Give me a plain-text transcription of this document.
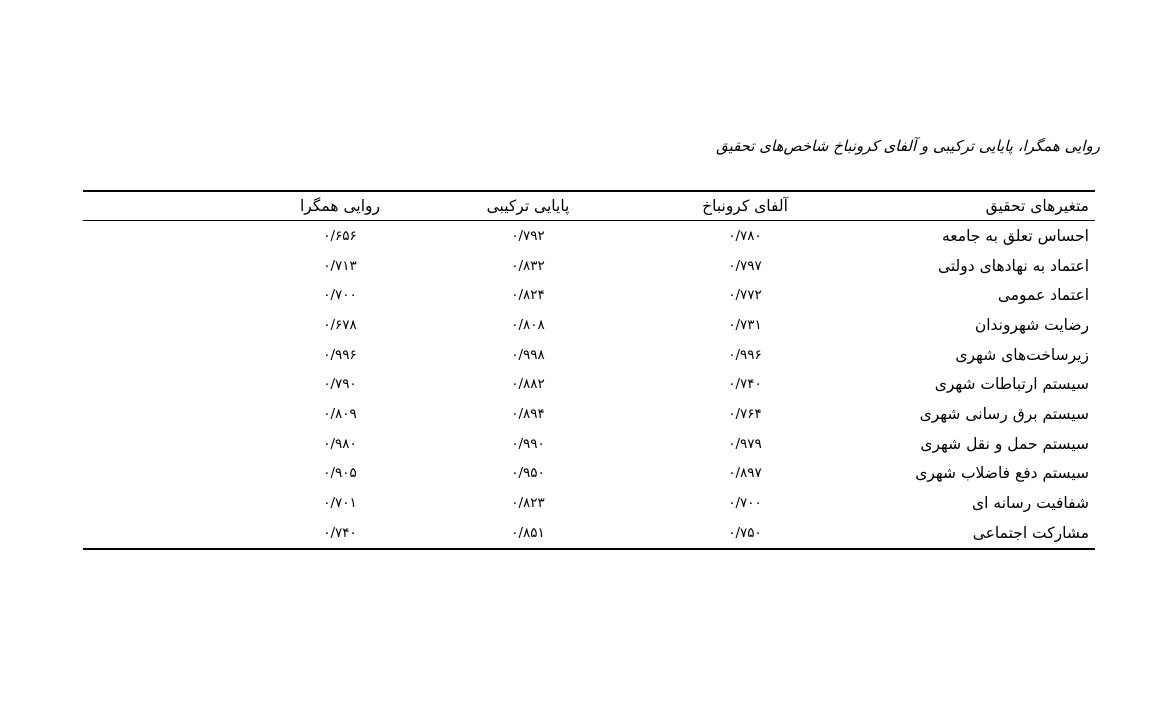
روایی همگرا، پایایی ترکیبی و آلفای کرونباخ شاخص‌های تحقیق
متغیرهای تحقیق	آلفای کرونباخ	پایایی ترکیبی	روایی همگرا	
احساس تعلق به جامعه	۰/۷۸۰	۰/۷۹۲	۰/۶۵۶	
اعتماد به نهادهای دولتی	۰/۷۹۷	۰/۸۳۲	۰/۷۱۳	
اعتماد عمومی	۰/۷۷۲	۰/۸۲۴	۰/۷۰۰	
رضایت شهروندان	۰/۷۳۱	۰/۸۰۸	۰/۶۷۸	
زیرساخت‌های شهری	۰/۹۹۶	۰/۹۹۸	۰/۹۹۶	
سیستم ارتباطات شهری	۰/۷۴۰	۰/۸۸۲	۰/۷۹۰	
سیستم برق رسانی شهری	۰/۷۶۴	۰/۸۹۴	۰/۸۰۹	
سیستم حمل و نقل شهری	۰/۹۷۹	۰/۹۹۰	۰/۹۸۰	
سیستم دفع فاضلاب شهری	۰/۸۹۷	۰/۹۵۰	۰/۹۰۵	
شفافیت رسانه ای	۰/۷۰۰	۰/۸۲۳	۰/۷۰۱	
مشارکت اجتماعی	۰/۷۵۰	۰/۸۵۱	۰/۷۴۰	
